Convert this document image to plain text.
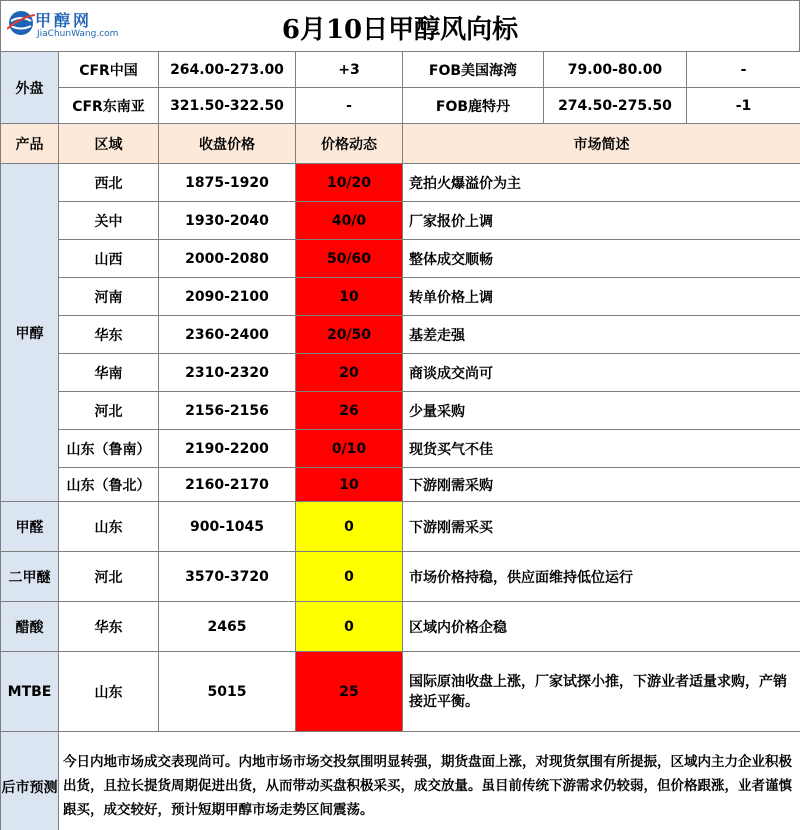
甲醇网
JiaChunWang.com	6月10日甲醇风向标
外盘	CFR中国	264.00-273.00	+3	FOB美国海湾	79.00-80.00	-
	CFR东南亚	321.50-322.50	-	FOB鹿特丹	274.50-275.50	-1
产品	区域	收盘价格	价格动态	市场简述
甲醇	西北	1875-1920	10/20	竞拍火爆溢价为主
	关中	1930-2040	40/0	厂家报价上调
	山西	2000-2080	50/60	整体成交顺畅
	河南	2090-2100	10	转单价格上调
	华东	2360-2400	20/50	基差走强
	华南	2310-2320	20	商谈成交尚可
	河北	2156-2156	26	少量采购
	山东（鲁南）	2190-2200	0/10	现货买气不佳
	山东（鲁北）	2160-2170	10	下游刚需采购
甲醛	山东	900-1045	0	下游刚需采买
二甲醚	河北	3570-3720	0	市场价格持稳，供应面维持低位运行
醋酸	华东	2465	0	区域内价格企稳
MTBE	山东	5015	25	国际原油收盘上涨，厂家试探小推，下游业者适量求购，产销接近平衡。
后市预测	今日内地市场成交表现尚可。内地市场市场交投氛围明显转强，期货盘面上涨，对现货氛围有所提振，区域内主力企业积极出货，且拉长提货周期促进出货，从而带动买盘积极采买，成交放量。虽目前传统下游需求仍较弱，但价格跟涨，业者谨慎跟买，成交较好，预计短期甲醇市场走势区间震荡。			
